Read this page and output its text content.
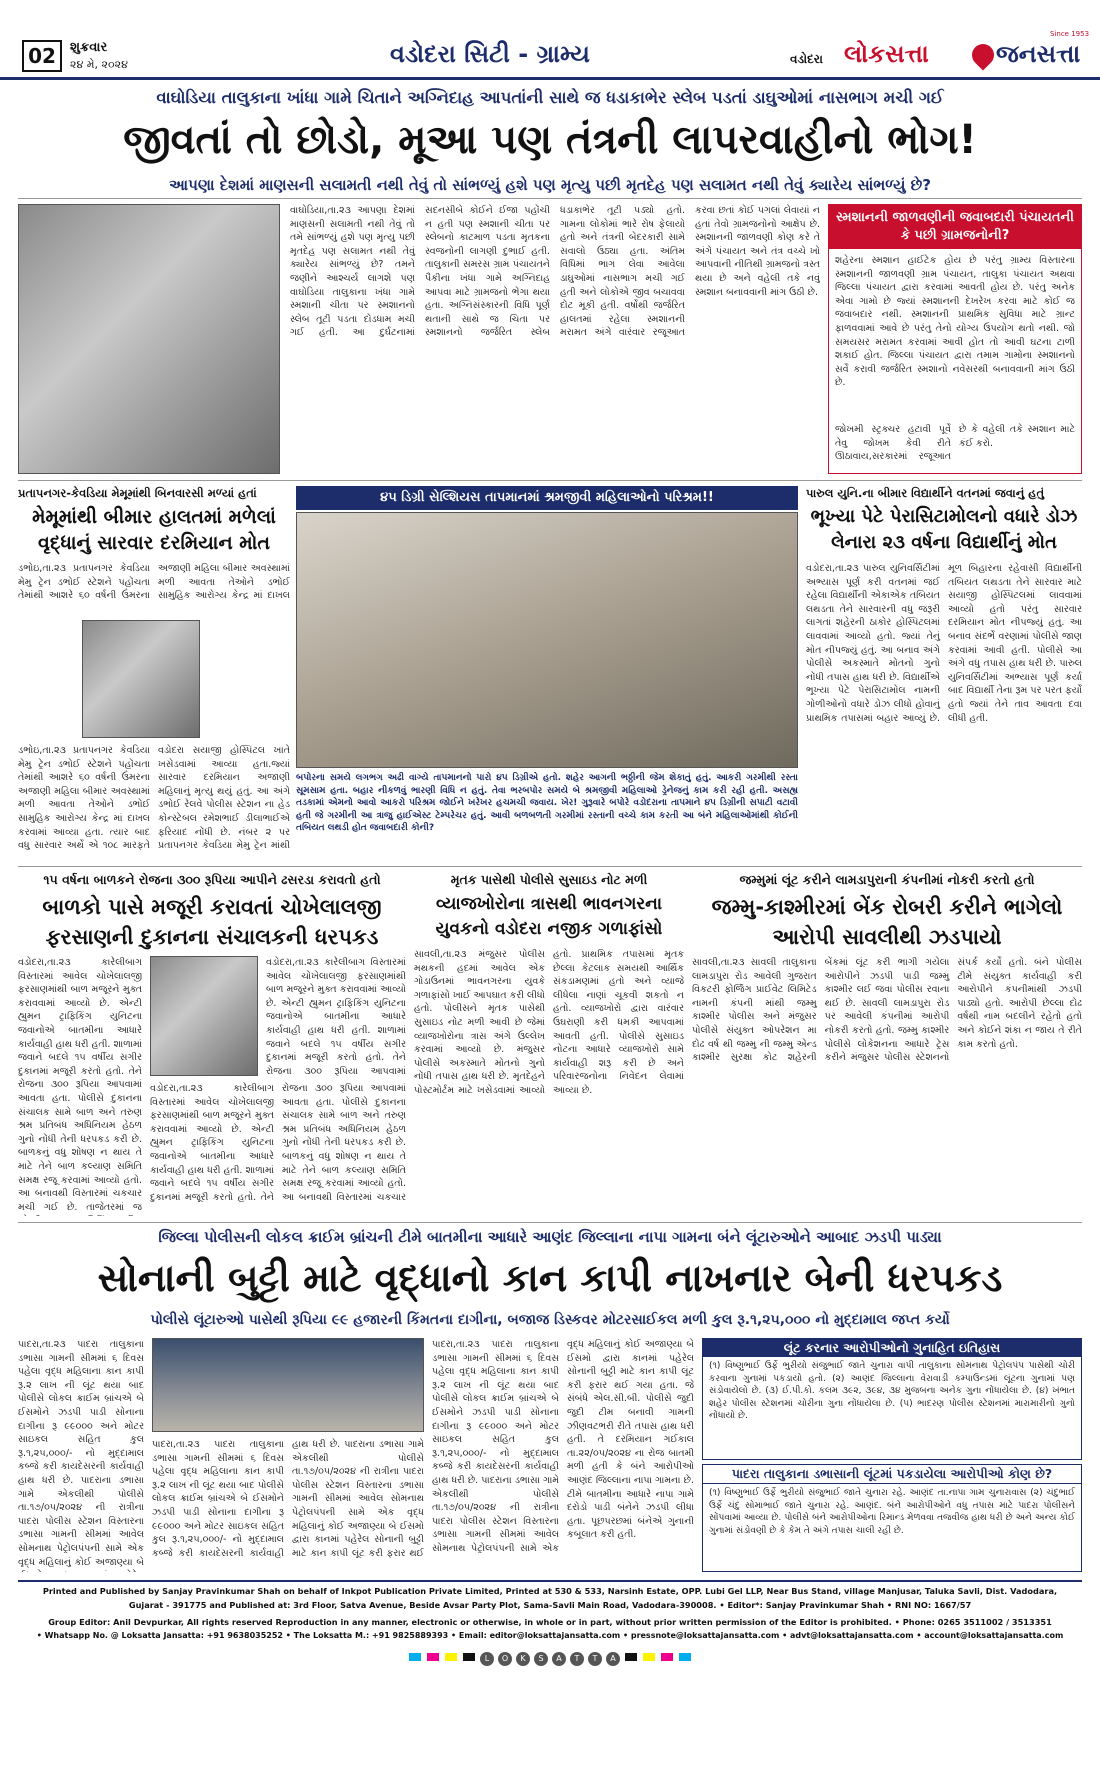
02	શુક્રવાર
૨૪ મે, ૨૦૨૪	વડોદરા સિટી - ગ્રામ્ય	વડોદરા લોકસત્તા	જનસત્તા
Since 1953
વાઘોડિયા તાલુકાના ખાંધા ગામે ચિતાને અગ્નિદાહ આપતાંની સાથે જ ધડાકાભેર સ્લેબ પડતાં ડાઘુઓમાં નાસભાગ મચી ગઈ
જીવતાં તો છોડો, મૂઆ પણ તંત્રની લાપરવાહીનો ભોગ!
આપણા દેશમાં માણસની સલામતી નથી તેવું તો સાંભળ્યું હશે પણ મૃત્યુ પછી મૃતદેહ પણ સલામત નથી તેવું ક્યારેય સાંભળ્યું છે?
વાઘોડિયા,તા.૨૩ આપણા દેશમાં માણસની સલામતી નથી તેવું તો તમે સાંભળ્યું હશે પણ મૃત્યુ પછી મૃતદેહ પણ સલામત નથી તેવું ક્યારેય સાંભળ્યું છે? તમને જણીને આશ્ચર્ય લાગશે પણ વાઘોડિયા તાલુકાના ખંધા ગામે સ્મશાની ચીતા પર સ્મશાનનો સ્લેબ તૂટી પડતા દોડધામ મચી ગઈ હતી. આ દુર્ઘટનામાં સદનસીબે કોઈને ઈજા પહોંચી ન હતી પણ સ્મશાની ચીતા પર સ્લેબનો કાટમાળ પડતા મૃતકના સ્વજનોની લાગણી દુભાઈ હતી. તાલુકાની સમરસ ગ્રામ પંચાયતને પૈકીના ખંધા ગામે અગ્નિદાહ આપવા માટે ગ્રામજનો ભેગા થયા હતા. અગ્નિસંસ્કારની વિધિ પૂર્ણ થતાની સાથે જ ચિતા પર સ્મશાનનો જર્જરિત સ્લેબ ધડાકાભેર તૂટી પડ્યો હતો. ગામના લોકોમાં ભારે રોષ ફેલાયો હતો અને તંત્રની બેદરકારી સામે સવાલો ઉઠ્યા હતા. અંતિમ વિધિમાં ભાગ લેવા આવેલા ડાઘુઓમાં નાસભાગ મચી ગઈ હતી અને લોકોએ જીવ બચાવવા દોટ મૂકી હતી. વર્ષોથી જર્જરિત હાલતમાં રહેલા સ્મશાનની મરામત અંગે વારંવાર રજૂઆત કરવા છતાં કોઈ પગલાં લેવાયાં ન હતાં તેવો ગ્રામજનોનો આક્ષેપ છે. સ્મશાનની જાળવણી કોણ કરે તે અંગે પંચાયત અને તંત્ર વચ્ચે ખો આપવાની નીતિથી ગ્રામજનો ત્રસ્ત થયા છે અને વહેલી તકે નવું સ્મશાન બનાવવાની માંગ ઉઠી છે.
સ્મશાનની જાળવણીની જવાબદારી પંચાયતની કે પછી ગ્રામજનોની?
શહેરના સ્મશાન હાઈટેક હોય છે પરંતુ ગ્રામ્ય વિસ્તારના સ્મશાનની જાળવણી ગ્રામ પંચાયત, તાલુકા પંચાયત અથવા જિલ્લા પંચાયત દ્વારા કરવામાં આવતી હોય છે. પરંતુ અનેક એવા ગામો છે જ્યાં સ્મશાનની દેખરેખ કરવા માટે કોઈ જ જવાબદાર નથી. સ્મશાનની પ્રાથમિક સુવિધા માટે ગ્રાન્ટ ફાળવવામાં આવે છે પરંતુ તેનો યોગ્ય ઉપયોગ થતો નથી. જો સમયસર મરામત કરવામાં આવી હોત તો આવી ઘટના ટાળી શકાઈ હોત. જિલ્લા પંચાયત દ્વારા તમામ ગામોના સ્મશાનનો સર્વે કરાવી જર્જરિત સ્મશાનો નવેસરથી બનાવવાની માંગ ઉઠી છે.
જોખમી સ્ટ્રક્ચર હટાવી પૂર્વે તેવુ જોખમ કેવી રીતે ઊઠાવાય,સરકારમાં રજૂઆત છે કે વહેલી તકે સ્મશાન માટે કંઈ કરો.
પ્રતાપનગર-કેવડિયા મેમૂમાંથી બિનવારસી મળ્યાં હતાં
મેમૂમાંથી બીમાર હાલતમાં મળેલાં વૃદ્ધાનું સારવાર દરમિયાન મોત
ડભોઇ,તા.૨૩ પ્રતાપનગર કેવડિયા મેમુ ટ્રેન ડભોઈ સ્ટેશને પહોંચતા તેમાંથી આશરે ૬૦ વર્ષની ઉંમરના અજાણી મહિલા બીમાર અવસ્થામાં મળી આવતા તેઓને ડભોઈ સામુહિક આરોગ્ય કેન્દ્ર માં દાખલ
ડભોઇ,તા.૨૩ પ્રતાપનગર કેવડિયા મેમુ ટ્રેન ડભોઈ સ્ટેશને પહોંચતા તેમાંથી આશરે ૬૦ વર્ષની ઉંમરના અજાણી મહિલા બીમાર અવસ્થામાં મળી આવતા તેઓને ડભોઈ સામુહિક આરોગ્ય કેન્દ્ર માં દાખલ કરવામાં આવ્યા હતા. ત્યાર બાદ વધુ સારવાર અર્થે એ ૧૦૮ મારફતે વડોદરા સયાજી હોસ્પિટલ ખાતે ખસેડવામાં આવ્યા હતા.જ્યાં સારવાર દરમિયાન અજાણી મહિલાનું મૃત્યુ થયું હતું. આ અંગે ડભોઈ રેલવે પોલીસ સ્ટેશન ના હેડ કોન્સ્ટેબલ રમેશભાઈ ડીલાભાઈએ ફરિયાદ નોંધી છે. નંબર ૨ પર પ્રતાપનગર કેવડિયા મેમુ ટ્રેન માંથી
૪૫ ડિગ્રી સેલ્શિયસ તાપમાનમાં શ્રમજીવી મહિલાઓનો પરિશ્રમ!!
બપોરના સમયે લગભગ અઢી વાગ્યે તાપમાનનો પારો ૪૫ ડિગ્રીએ હતો. શહેર આગની ભઠ્ઠીની જેમ શેકાતું હતું. આકરી ગરમીથી રસ્તા સૂમસામ હતા. બહાર નીકળવું ભારણી વિધિ ન હતું. તેવા ભરબપોર સમયે બે શ્રમજીવી મહિલાઓ ડ્રેનેજનું કામ કરી રહી હતી. અસહ્ય તડકામાં એમનો આવો આકરો પરિશ્રમ જોઈને ખરેખર હચમચી જવાય. ખેર! ગુરૂવારે બપોરે વડોદરાના તાપમાને ૪૫ ડિગ્રીની સપાટી વટાવી હતી જે ગરમીની આ ત્રાજુ હાઈએસ્ટ ટેમ્પરેચર હતું. આવી બળબળતી ગરમીમાં રસ્તાની વચ્ચે કામ કરતી આ બંને મહિલાઓમાંથી કોઈની તબિયત લથડી હોત જવાબદારી કોની?
પારુલ યુનિ.ના બીમાર વિદ્યાર્થીને વતનમાં જવાનું હતું
ભૂખ્યા પેટે પેરાસિટામોલનો વધારે ડોઝ લેનારા ૨૩ વર્ષના વિદ્યાર્થીનું મોત
વડોદરા,તા.૨૩ પારુલ યુનિવર્સિટીમાં અભ્યાસ પૂર્ણ કરી વતનમાં જઈ રહેલા વિદ્યાર્થીની એકાએક તબિયત લથડતા તેને સારવારની વધુ જરૂરી લાગતાં શહેરની ઠાકોર હોસ્પિટલમાં લાવવામાં આવ્યો હતો. જ્યાં તેનું મોત નીપજ્યું હતું. આ બનાવ અંગે પોલીસે અકસ્માતે મોતનો ગુનો નોંધી તપાસ હાથ ધરી છે. વિદ્યાર્થીએ ભૂખ્યા પેટે પેરાસિટામોલ નામની ગોળીઓનો વધારે ડોઝ લીધો હોવાનું પ્રાથમિક તપાસમાં બહાર આવ્યું છે. મૂળ બિહારના રહેવાસી વિદ્યાર્થીની તબિયત લથડતા તેને સારવાર માટે સયાજી હોસ્પિટલમાં લાવવામાં આવ્યો હતો પરંતુ સારવાર દરમિયાન મોત નીપજ્યું હતું. આ બનાવ સંદર્ભે વરણામાં પોલીસે જાણ કરવામાં આવી હતી. પોલીસે આ અંગે વધુ તપાસ હાથ ધરી છે. પારુલ યુનિવર્સિટીમાં અભ્યાસ પૂર્ણ કર્યા બાદ વિદ્યાર્થી તેના રૂમ પર પરત ફર્યો હતો જ્યાં તેને તાવ આવતા દવા લીધી હતી.
૧૫ વર્ષના બાળકને રોજના ૩૦૦ રૂપિયા આપીને ઢસરડા કરાવતો હતો
બાળકો પાસે મજૂરી કરાવતાં ચોખેલાલજી ફરસાણની દુકાનના સંચાલકની ધરપકડ
વડોદરા,તા.૨૩ કારેલીબાગ વિસ્તારમાં આવેલ ચોખેલાલજી ફરસાણમાંથી બાળ મજૂરને મુક્ત કરાવવામાં આવ્યો છે. એન્ટી હ્યુમન ટ્રાફિકિંગ યુનિટના જવાનોએ બાતમીના આધારે કાર્યવાહી હાથ ધરી હતી. શાળામાં જવાને બદલે ૧૫ વર્ષીય સગીર દુકાનમાં મજૂરી કરતો હતો. તેને રોજના ૩૦૦ રૂપિયા આપવામાં આવતા હતા. પોલીસે દુકાનના સંચાલક સામે બાળ અને તરુણ શ્રમ પ્રતિબંધ અધિનિયમ હેઠળ ગુનો નોંધી તેની ધરપકડ કરી છે. બાળકનું વધુ શોષણ ન થાય તે માટે તેને બાળ કલ્યાણ સમિતિ સમક્ષ રજૂ કરવામાં આવ્યો હતો. આ બનાવથી વિસ્તારમાં ચકચાર મચી ગઈ છે. તાજેતરમાં જ
વડોદરા,તા.૨૩ કારેલીબાગ વિસ્તારમાં આવેલ ચોખેલાલજી ફરસાણમાંથી બાળ મજૂરને મુક્ત કરાવવામાં આવ્યો છે. એન્ટી હ્યુમન ટ્રાફિકિંગ યુનિટના જવાનોએ બાતમીના આધારે કાર્યવાહી હાથ ધરી હતી. શાળામાં જવાને બદલે ૧૫ વર્ષીય સગીર દુકાનમાં મજૂરી કરતો હતો. તેને રોજના ૩૦૦ રૂપિયા આપવામાં આવતા હતા. પોલીસે દુકાનના સંચાલક સામે બાળ અને તરુણ શ્રમ પ્રતિબંધ અધિનિયમ હેઠળ ગુનો નોંધી તેની ધરપકડ કરી છે. બાળકનું વધુ શોષણ ન થાય તે માટે તેને બાળ કલ્યાણ સમિતિ સમક્ષ રજૂ કરવામાં આવ્યો હતો. આ બનાવથી વિસ્તારમાં ચકચાર
વડોદરા,તા.૨૩ કારેલીબાગ વિસ્તારમાં આવેલ ચોખેલાલજી ફરસાણમાંથી બાળ મજૂરને મુક્ત કરાવવામાં આવ્યો છે. એન્ટી હ્યુમન ટ્રાફિકિંગ યુનિટના જવાનોએ બાતમીના આધારે કાર્યવાહી હાથ ધરી હતી. શાળામાં જવાને બદલે ૧૫ વર્ષીય સગીર દુકાનમાં મજૂરી કરતો હતો. તેને રોજના ૩૦૦ રૂપિયા આપવામાં
મૃતક પાસેથી પોલીસે સુસાઇડ નોટ મળી
વ્યાજખોરોના ત્રાસથી ભાવનગરના યુવકનો વડોદરા નજીક ગળાફાંસો
સાવલી,તા.૨૩ મંજુસર પોલીસ મથકની હદમાં આવેલ એક ગોડાઉનમાં ભાવનગરના યુવકે ગળાફાંસો ખાઈ આપઘાત કરી લીધો હતો. પોલીસને મૃતક પાસેથી સુસાઇડ નોટ મળી આવી છે જેમાં વ્યાજખોરોના ત્રાસ અંગે ઉલ્લેખ કરવામાં આવ્યો છે. મંજુસર પોલીસે અકસ્માતે મોતનો ગુનો નોંધી તપાસ હાથ ધરી છે. મૃતદેહને પોસ્ટમોર્ટમ માટે ખસેડવામાં આવ્યો હતો. પ્રાથમિક તપાસમાં મૃતક છેલ્લા કેટલાક સમયથી આર્થિક સંકડામણમાં હતો અને વ્યાજે લીધેલા નાણાં ચૂકવી શકતો ન હતો. વ્યાજખોરો દ્વારા વારંવાર ઉઘરાણી કરી ધમકી આપવામાં આવતી હતી. પોલીસે સુસાઇડ નોટના આધારે વ્યાજખોરો સામે કાર્યવાહી શરૂ કરી છે અને પરિવારજનોના નિવેદન લેવામાં આવ્યા છે.
જમ્મુમાં લૂંટ કરીને લામડાપુરાની કંપનીમાં નોકરી કરતો હતો
જમ્મુ-કાશ્મીરમાં બેંક રોબરી કરીને ભાગેલો આરોપી સાવલીથી ઝડપાયો
સાવલી,તા.૨૩ સાવલી તાલુકાના લામડાપુરા રોડ આવેલી ગુજરાત વિકટરી ફોર્જિંગ પ્રાઈવેટ લિમિટેડ નામની કંપની માંથી જમ્મુ કાશ્મીર પોલીસ અને મંજુસર પોલીસે સંયુક્ત ઓપરેશન મા દોઢ વર્ષ થી જમ્મુ ની જમ્મુ એન્ડ કાશ્મીર સુરક્ષા કોટ શહેરની બેંકમાં લૂંટ કરી ભાગી ગયેલા આરોપીને ઝડપી પાડી જમ્મુ કાશ્મીર લઈ જવા પોલીસ રવાના થઈ છે. સાવલી લામડાપુરા રોડ પર આવેલી કંપનીમાં આરોપી નોકરી કરતો હતો. જમ્મુ કાશ્મીર પોલીસે લોકેશનના આધારે ટ્રેસ કરીને મંજુસર પોલીસ સ્ટેશનનો સંપર્ક કર્યો હતો. બંને પોલીસ ટીમે સંયુક્ત કાર્યવાહી કરી આરોપીને કંપનીમાંથી ઝડપી પાડ્યો હતો. આરોપી છેલ્લા દોઢ વર્ષથી નામ બદલીને રહેતો હતો અને કોઈને શંકા ન જાય તે રીતે કામ કરતો હતો.
જિલ્લા પોલીસની લોકલ ક્રાઈમ બ્રાંચની ટીમે બાતમીના આધારે આણંદ જિલ્લાના નાપા ગામના બંને લૂંટારુઓને આબાદ ઝડપી પાડ્યા
સોનાની બુટ્ટી માટે વૃદ્ધાનો કાન કાપી નાખનાર બેની ધરપકડ
પોલીસે લૂંટારુઓ પાસેથી રૂપિયા ૯૯ હજારની કિંમતના દાગીના, બજાજ ડિસ્કવર મોટરસાઈકલ મળી કુલ રૂ.૧,૨૫,૦૦૦ નો મુદ્દામાલ જપ્ત કર્યો
પાદરા,તા.૨૩ પાદરા તાલુકાના ડભાસા ગામની સીમમાં ૬ દિવસ પહેલા વૃદ્ધ મહિલાના કાન કાપી રૂ.૨ લાખ ની લૂંટ થયા બાદ પોલીસે લોકલ ક્રાઈમ બ્રાંચએ બે ઈસમોને ઝડપી પાડી સોનાના દાગીના રૂ ૯૯૦૦૦ અને મોટર સાઇકલ સહિત કુલ રૂ.૧,૨૫,૦૦૦/- નો મુદ્દામાલ કબ્જે કરી કાયદેસરની કાર્યવાહી હાથ ધરી છે. પાદરાના ડભાસા ગામે એકલીથી પોલીસે તા.૧૭/૦૫/૨૦૨૪ ની રાત્રીના પાદરા પોલીસ સ્ટેશન વિસ્તારના ડભાસા ગામની સીમમાં આવેલ સોમનાથ પેટ્રોલપંપની સામે એક વૃદ્ધ મહિલાનું કોઈ અજાણ્યા બે
પાદરા,તા.૨૩ પાદરા તાલુકાના ડભાસા ગામની સીમમાં ૬ દિવસ પહેલા વૃદ્ધ મહિલાના કાન કાપી રૂ.૨ લાખ ની લૂંટ થયા બાદ પોલીસે લોકલ ક્રાઈમ બ્રાંચએ બે ઈસમોને ઝડપી પાડી સોનાના દાગીના રૂ ૯૯૦૦૦ અને મોટર સાઇકલ સહિત કુલ રૂ.૧,૨૫,૦૦૦/- નો મુદ્દામાલ કબ્જે કરી કાયદેસરની કાર્યવાહી હાથ ધરી છે. પાદરાના ડભાસા ગામે એકલીથી પોલીસે તા.૧૭/૦૫/૨૦૨૪ ની રાત્રીના પાદરા પોલીસ સ્ટેશન વિસ્તારના ડભાસા ગામની સીમમાં આવેલ સોમનાથ પેટ્રોલપંપની સામે એક વૃદ્ધ મહિલાનું કોઈ અજાણ્યા બે ઈસમો દ્વારા કાનમાં પહેરેલ સોનાની બુટ્ટી માટે કાન કાપી લૂંટ કરી ફરાર થઈ
પાદરા,તા.૨૩ પાદરા તાલુકાના ડભાસા ગામની સીમમાં ૬ દિવસ પહેલા વૃદ્ધ મહિલાના કાન કાપી રૂ.૨ લાખ ની લૂંટ થયા બાદ પોલીસે લોકલ ક્રાઈમ બ્રાંચએ બે ઈસમોને ઝડપી પાડી સોનાના દાગીના રૂ ૯૯૦૦૦ અને મોટર સાઇકલ સહિત કુલ રૂ.૧,૨૫,૦૦૦/- નો મુદ્દામાલ કબ્જે કરી કાયદેસરની કાર્યવાહી હાથ ધરી છે. પાદરાના ડભાસા ગામે એકલીથી પોલીસે તા.૧૭/૦૫/૨૦૨૪ ની રાત્રીના પાદરા પોલીસ સ્ટેશન વિસ્તારના ડભાસા ગામની સીમમાં આવેલ સોમનાથ પેટ્રોલપંપની સામે એક વૃદ્ધ મહિલાનું કોઈ અજાણ્યા બે ઈસમો દ્વારા કાનમાં પહેરેલ સોનાની બુટ્ટી માટે કાન કાપી લૂંટ કરી ફરાર થઈ ગયા હતા. જે સંબંધે એલ.સી.બી. પોલીસે જુદી જુદી ટીમ બનાવી ગામની ઝીણવટભરી રીતે તપાસ હાથ ધરી હતી. તે દરમિયાન ગઈકાલ તા.૨૨/૦૫/૨૦૨૪ ના રોજ બાતમી મળી હતી કે બંને આરોપીઓ આણંદ જિલ્લાના નાપા ગામના છે. ટીમે બાતમીના આધારે નાપા ગામે દરોડો પાડી બંનેને ઝડપી લીધા હતા. પૂછપરછમાં બંનેએ ગુનાની કબૂલાત કરી હતી.
લૂંટ કરનાર આરોપીઓનો ગુનાહિત ઇતિહાસ
(૧) વિષ્ણુભાઈ ઉર્ફે ભુરીયો સંજુભાઈ જાતે ચુનારા વાપી તાલુકાના સોમનાથ પેટ્રોલપંપ પાસેથી ચોરી કરવાના ગુનામાં પકડાયો હતો. (૨) આણંદ જિલ્લાના વેરાવાડી કમ્પાઉન્ડમાં લૂંટના ગુનામાં પણ સંડોવાયેલો છે. (૩) ઈ.પી.કો. કલમ ૩૯૨, ૩૯૪, ૩૪ મુજબના અનેક ગુના નોંધાયેલા છે. (૪) ખંભાત શહેર પોલીસ સ્ટેશનમાં ચોરીના ગુના નોંધાયેલા છે. (૫) ભાદરણ પોલીસ સ્ટેશનમાં મારામારીનો ગુનો નોંધાયો છે.
પાદરા તાલુકાના ડભાસાની લૂંટમાં પકડાયેલા આરોપીઓ કોણ છે?
(૧) વિષ્ણુભાઈ ઉર્ફે ભુરીયો સંજુભાઈ જાતે ચુનારા રહે. આણંદ તા.નાપા ગામ ચુનારાવાસ (૨) ચંદુભાઈ ઉર્ફે ચંદુ સોમાભાઈ જાતે ચુનારા રહે. આણંદ. બંને આરોપીઓને વધુ તપાસ માટે પાદરા પોલીસને સોંપવામાં આવ્યા છે. પોલીસે બંને આરોપીઓના રિમાન્ડ મેળવવા તજવીજ હાથ ધરી છે અને અન્ય કોઈ ગુનામાં સંડોવણી છે કે કેમ તે અંગે તપાસ ચાલી રહી છે.
Printed and Published by Sanjay Pravinkumar Shah on behalf of Inkpot Publication Private Limited, Printed at 530 & 533, Narsinh Estate, OPP. Lubi Gel LLP, Near Bus Stand, village Manjusar, Taluka Savli, Dist. Vadodara,
Gujarat - 391775 and Published at: 3rd Floor, Satva Avenue, Beside Avsar Party Plot, Sama-Savli Main Road, Vadodara-390008. • Editor*: Sanjay Pravinkumar Shah • RNI NO: 1667/57
Group Editor: Anil Devpurkar, All rights reserved Reproduction in any manner, electronic or otherwise, in whole or in part, without prior written permission of the Editor is prohibited. • Phone: 0265 3511002 / 3513351
• Whatsapp No. @ Loksatta Jansatta: +91 9638035252 • The Loksatta M.: +91 9825889393 • Email: editor@loksattajansatta.com • pressnote@loksattajansatta.com • advt@loksattajansatta.com • account@loksattajansatta.com
L O K S A T T A
